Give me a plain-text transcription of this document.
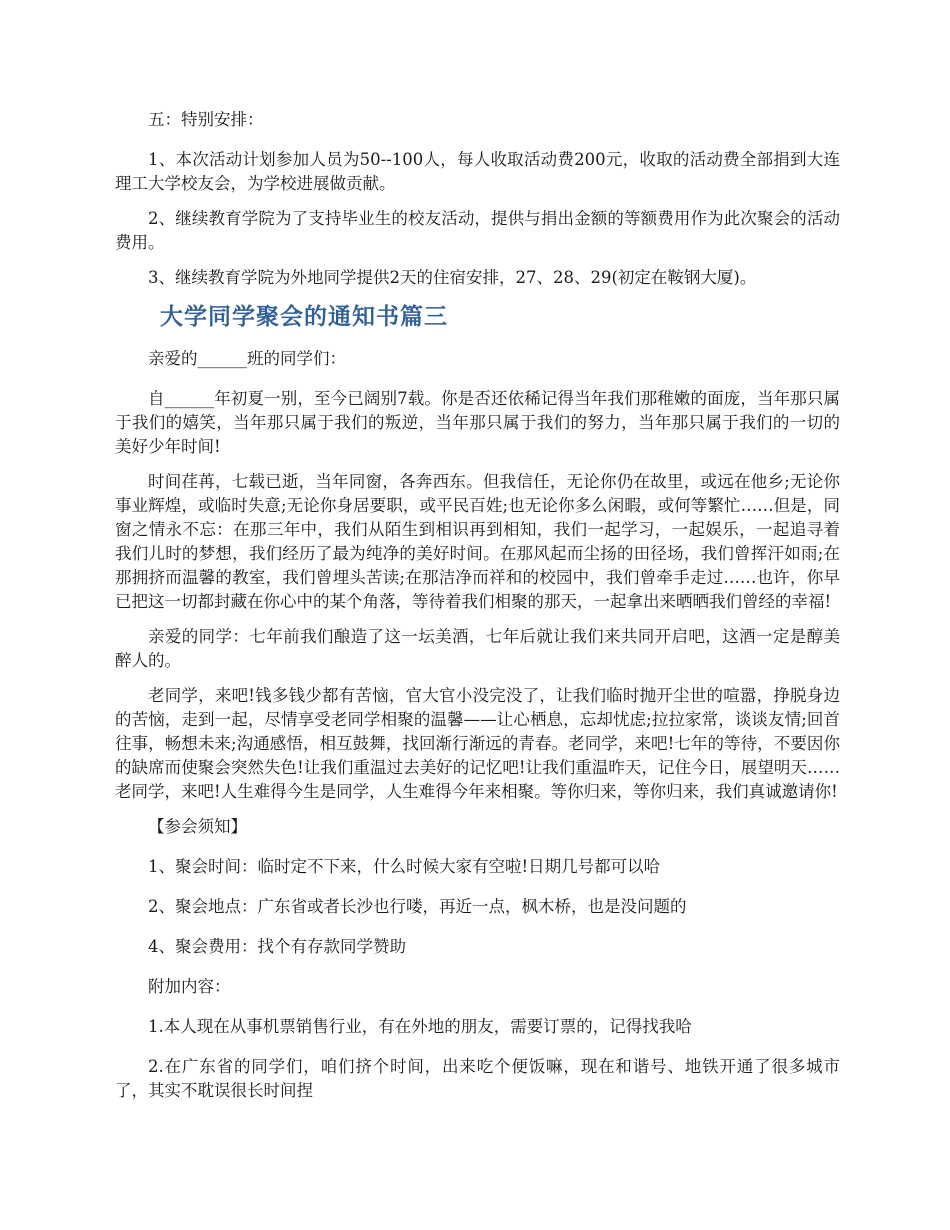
五：特别安排：

1、本次活动计划参加人员为50--100人，每人收取活动费200元，收取的活动费全部捐到大连理工大学校友会，为学校进展做贡献。

2、继续教育学院为了支持毕业生的校友活动，提供与捐出金额的等额费用作为此次聚会的活动费用。

3、继续教育学院为外地同学提供2天的住宿安排，27、28、29(初定在鞍钢大厦)。

大学同学聚会的通知书篇三

亲爱的______班的同学们：

自______年初夏一别，至今已阔别7载。你是否还依稀记得当年我们那稚嫩的面庞，当年那只属于我们的嬉笑，当年那只属于我们的叛逆，当年那只属于我们的努力，当年那只属于我们的一切的美好少年时间!

时间荏苒，七载已逝，当年同窗，各奔西东。但我信任，无论你仍在故里，或远在他乡;无论你事业辉煌，或临时失意;无论你身居要职，或平民百姓;也无论你多么闲暇，或何等繁忙……但是，同窗之情永不忘：在那三年中，我们从陌生到相识再到相知，我们一起学习，一起娱乐，一起追寻着我们儿时的梦想，我们经历了最为纯净的美好时间。在那风起而尘扬的田径场，我们曾挥汗如雨;在那拥挤而温馨的教室，我们曾埋头苦读;在那洁净而祥和的校园中，我们曾牵手走过……也许，你早已把这一切都封藏在你心中的某个角落，等待着我们相聚的那天，一起拿出来晒晒我们曾经的幸福!

亲爱的同学：七年前我们酿造了这一坛美酒，七年后就让我们来共同开启吧，这酒一定是醇美醉人的。

老同学，来吧!钱多钱少都有苦恼，官大官小没完没了，让我们临时抛开尘世的喧嚣，挣脱身边的苦恼，走到一起，尽情享受老同学相聚的温馨——让心栖息，忘却忧虑;拉拉家常，谈谈友情;回首往事，畅想未来;沟通感悟，相互鼓舞，找回渐行渐远的青春。老同学，来吧!七年的等待，不要因你的缺席而使聚会突然失色!让我们重温过去美好的记忆吧!让我们重温昨天，记住今日，展望明天……老同学，来吧!人生难得今生是同学，人生难得今年来相聚。等你归来，等你归来，我们真诚邀请你!

【参会须知】

1、聚会时间：临时定不下来，什么时候大家有空啦!日期几号都可以哈

2、聚会地点：广东省或者长沙也行喽，再近一点，枫木桥，也是没问题的

4、聚会费用：找个有存款同学赞助

附加内容：

1.本人现在从事机票销售行业，有在外地的朋友，需要订票的，记得找我哈

2.在广东省的同学们，咱们挤个时间，出来吃个便饭嘛，现在和谐号、地铁开通了很多城市了，其实不耽误很长时间捏
